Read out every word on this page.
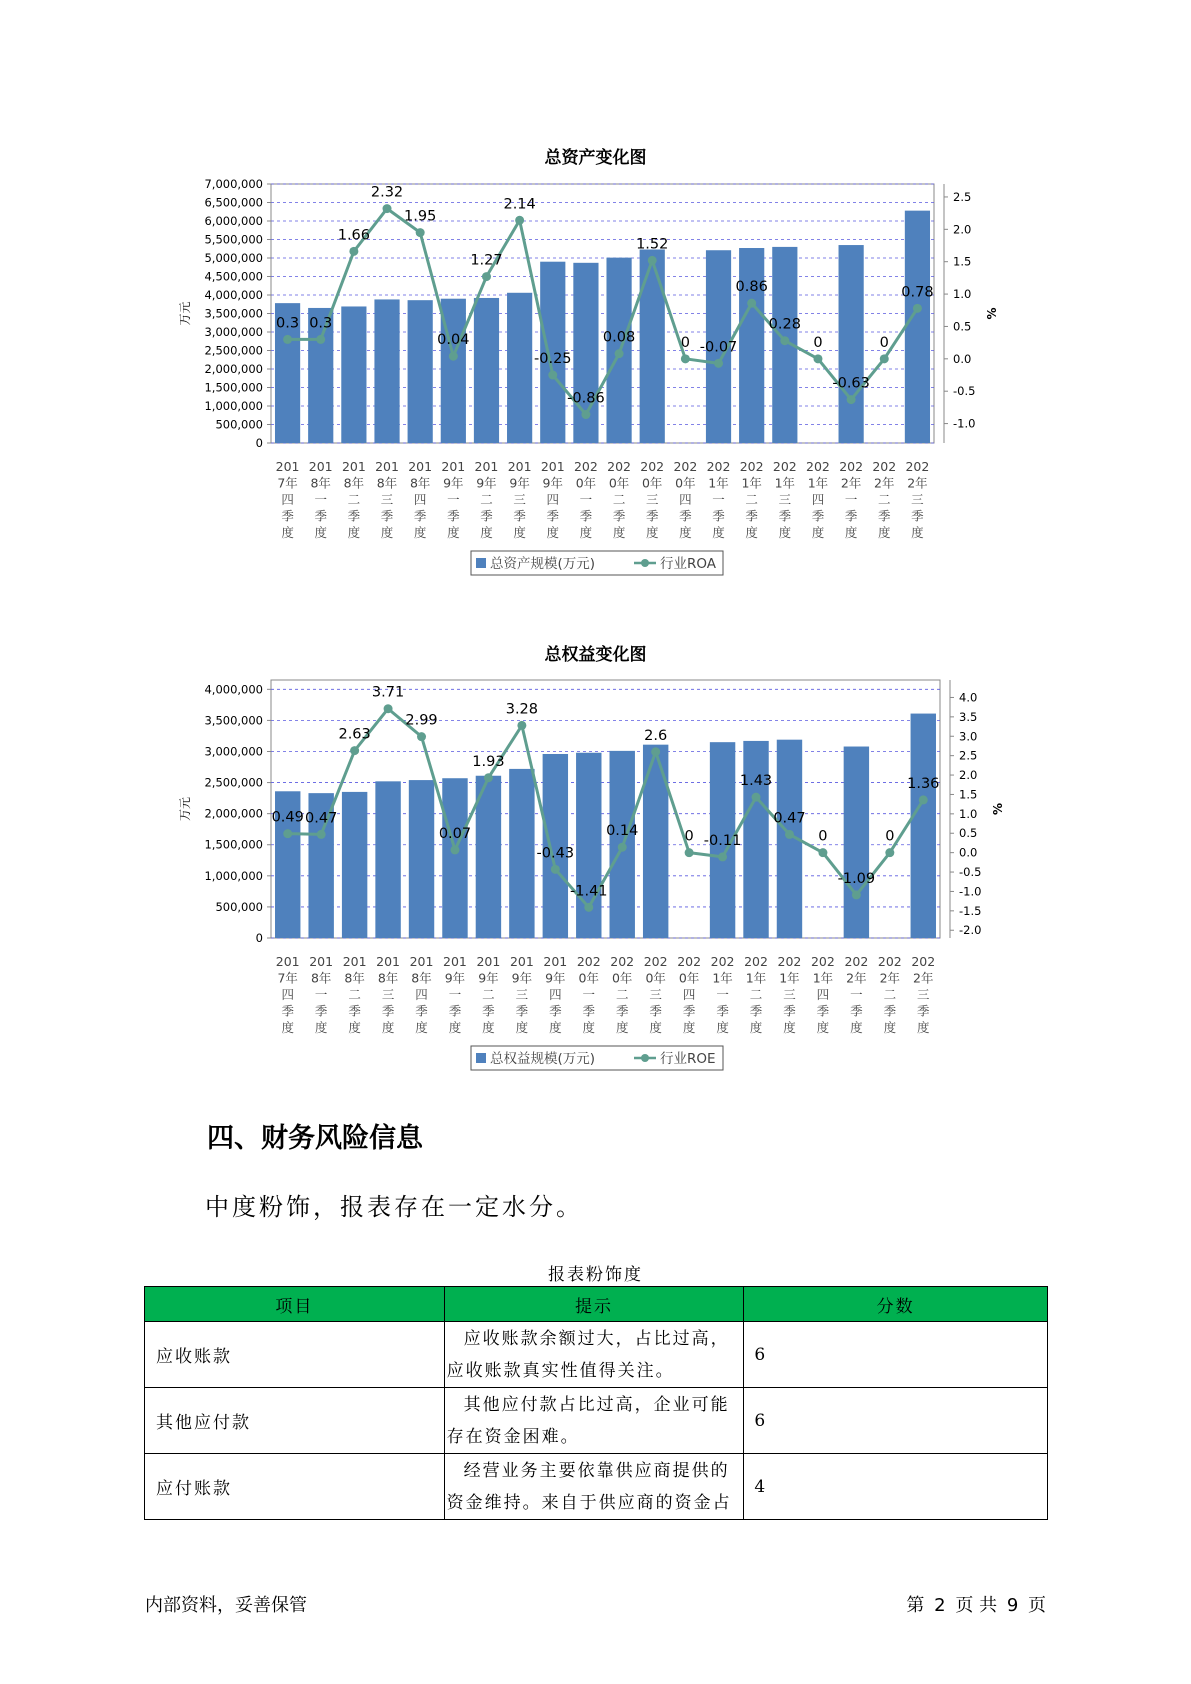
总资产变化图
7,000,000
6,500,000
6,000,000
5,500,000
5,000,000
4,500,000
4,000,000
3,500,000
3,000,000
2,500,000
2,000,000
1,500,000
1,000,000
500,000
0
2.5
2.0
1.5
1.0
0.5
0.0
-0.5
-1.0
万元	%
201
7年
四
季
度
201
8年
一
季
度
201
8年
二
季
度
201
8年
三
季
度
201
8年
四
季
度
201
9年
一
季
度
201
9年
二
季
度
201
9年
三
季
度
201
9年
四
季
度
202
0年
一
季
度
202
0年
二
季
度
202
0年
三
季
度
202
0年
四
季
度
202
1年
一
季
度
202
1年
二
季
度
202
1年
三
季
度
202
1年
四
季
度
202
2年
一
季
度
202
2年
二
季
度
202
2年
三
季
度
0.3 0.3
1.66
2.32
1.95
0.04
1.27
2.14
-0.25
-0.86
0.08
1.52
0 -0.07
0.86
0.28
0
-0.63
0
0.78
总资产规模(万元)	行业ROA
总权益变化图
4,000,000
3,500,000
3,000,000
2,500,000
2,000,000
1,500,000
1,000,000
500,000
0
4.0
3.5
3.0
2.5
2.0
1.5
1.0
0.5
0.0
-0.5
-1.0
-1.5
-2.0
万元	%
201
7年
四
季
度
201
8年
一
季
度
201
8年
二
季
度
201
8年
三
季
度
201
8年
四
季
度
201
9年
一
季
度
201
9年
二
季
度
201
9年
三
季
度
201
9年
四
季
度
202
0年
一
季
度
202
0年
二
季
度
202
0年
三
季
度
202
0年
四
季
度
202
1年
一
季
度
202
1年
二
季
度
202
1年
三
季
度
202
1年
四
季
度
202
2年
一
季
度
202
2年
二
季
度
202
2年
三
季
度
0.49 0.47
2.63
3.71
2.99
0.07
1.93
3.28
-0.43
-1.41
0.14
2.6
0 -0.11
1.43
0.47
0
-1.09
0
1.36
总权益规模(万元)	行业ROE
四、财务风险信息
中度粉饰，报表存在一定水分。
报表粉饰度
项目	提示	分数
应收账款	应收账款余额过大，占比过高，应收账款真实性值得关注。	6
其他应付款	其他应付款占比过高，企业可能存在资金困难。	6
应付账款	经营业务主要依靠供应商提供的资金维持。来自于供应商的资金占	4
内部资料，妥善保管	第 2 页 共 9 页
